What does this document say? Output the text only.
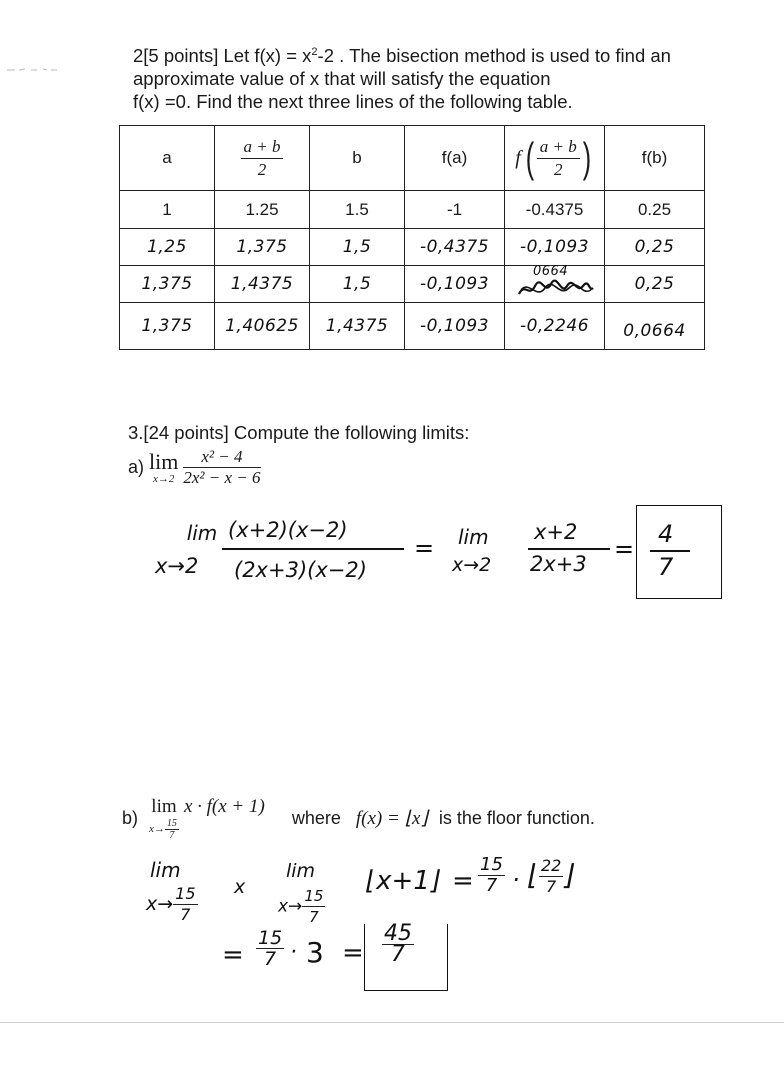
2[5 points] Let $f(x) = x^2-2$ . The bisection method is used to find an
approximate value of x that will satisfy the equation
f(x) =0. Find the next three lines of the following table.
a	$\frac{a + b}{2}$	b	f(a)	f ( $\frac{a + b}{2}$ )	f(b)
1	1.25	1.5	-1	-0.4375	0.25
1,25	1,375	1,5	-0,4375	-0,1093	0,25
1,375	1,4375	1,5	-0,1093	0664	0,25
1,375	1,40625	1,4375	-0,1093	-0,2246	0,0664
3.[24 points] Compute the following limits:
a) lim
x→2
$\frac{\text{x² − 4}}{\text{2x² − x − 6}}$
lim
x→2
(x+2)(x−2)
(2x+3)(x−2)
= lim
x→2
x+2
2x+3
=
4
7
b)
lim
$x\to \frac{15}{7}$
x · f(x + 1) where f(x) = ⌊x⌋ is the floor function.
lim
$x\to \frac{15}{7}$ x
lim
$x\to \frac{15}{7}$
⌊x+1⌋ = $\frac{15}{7}$ · ⌊ $\frac{22}{7}$ ⌋
= $\frac{15}{7} \cdot 3 = \frac{45}{7}$
